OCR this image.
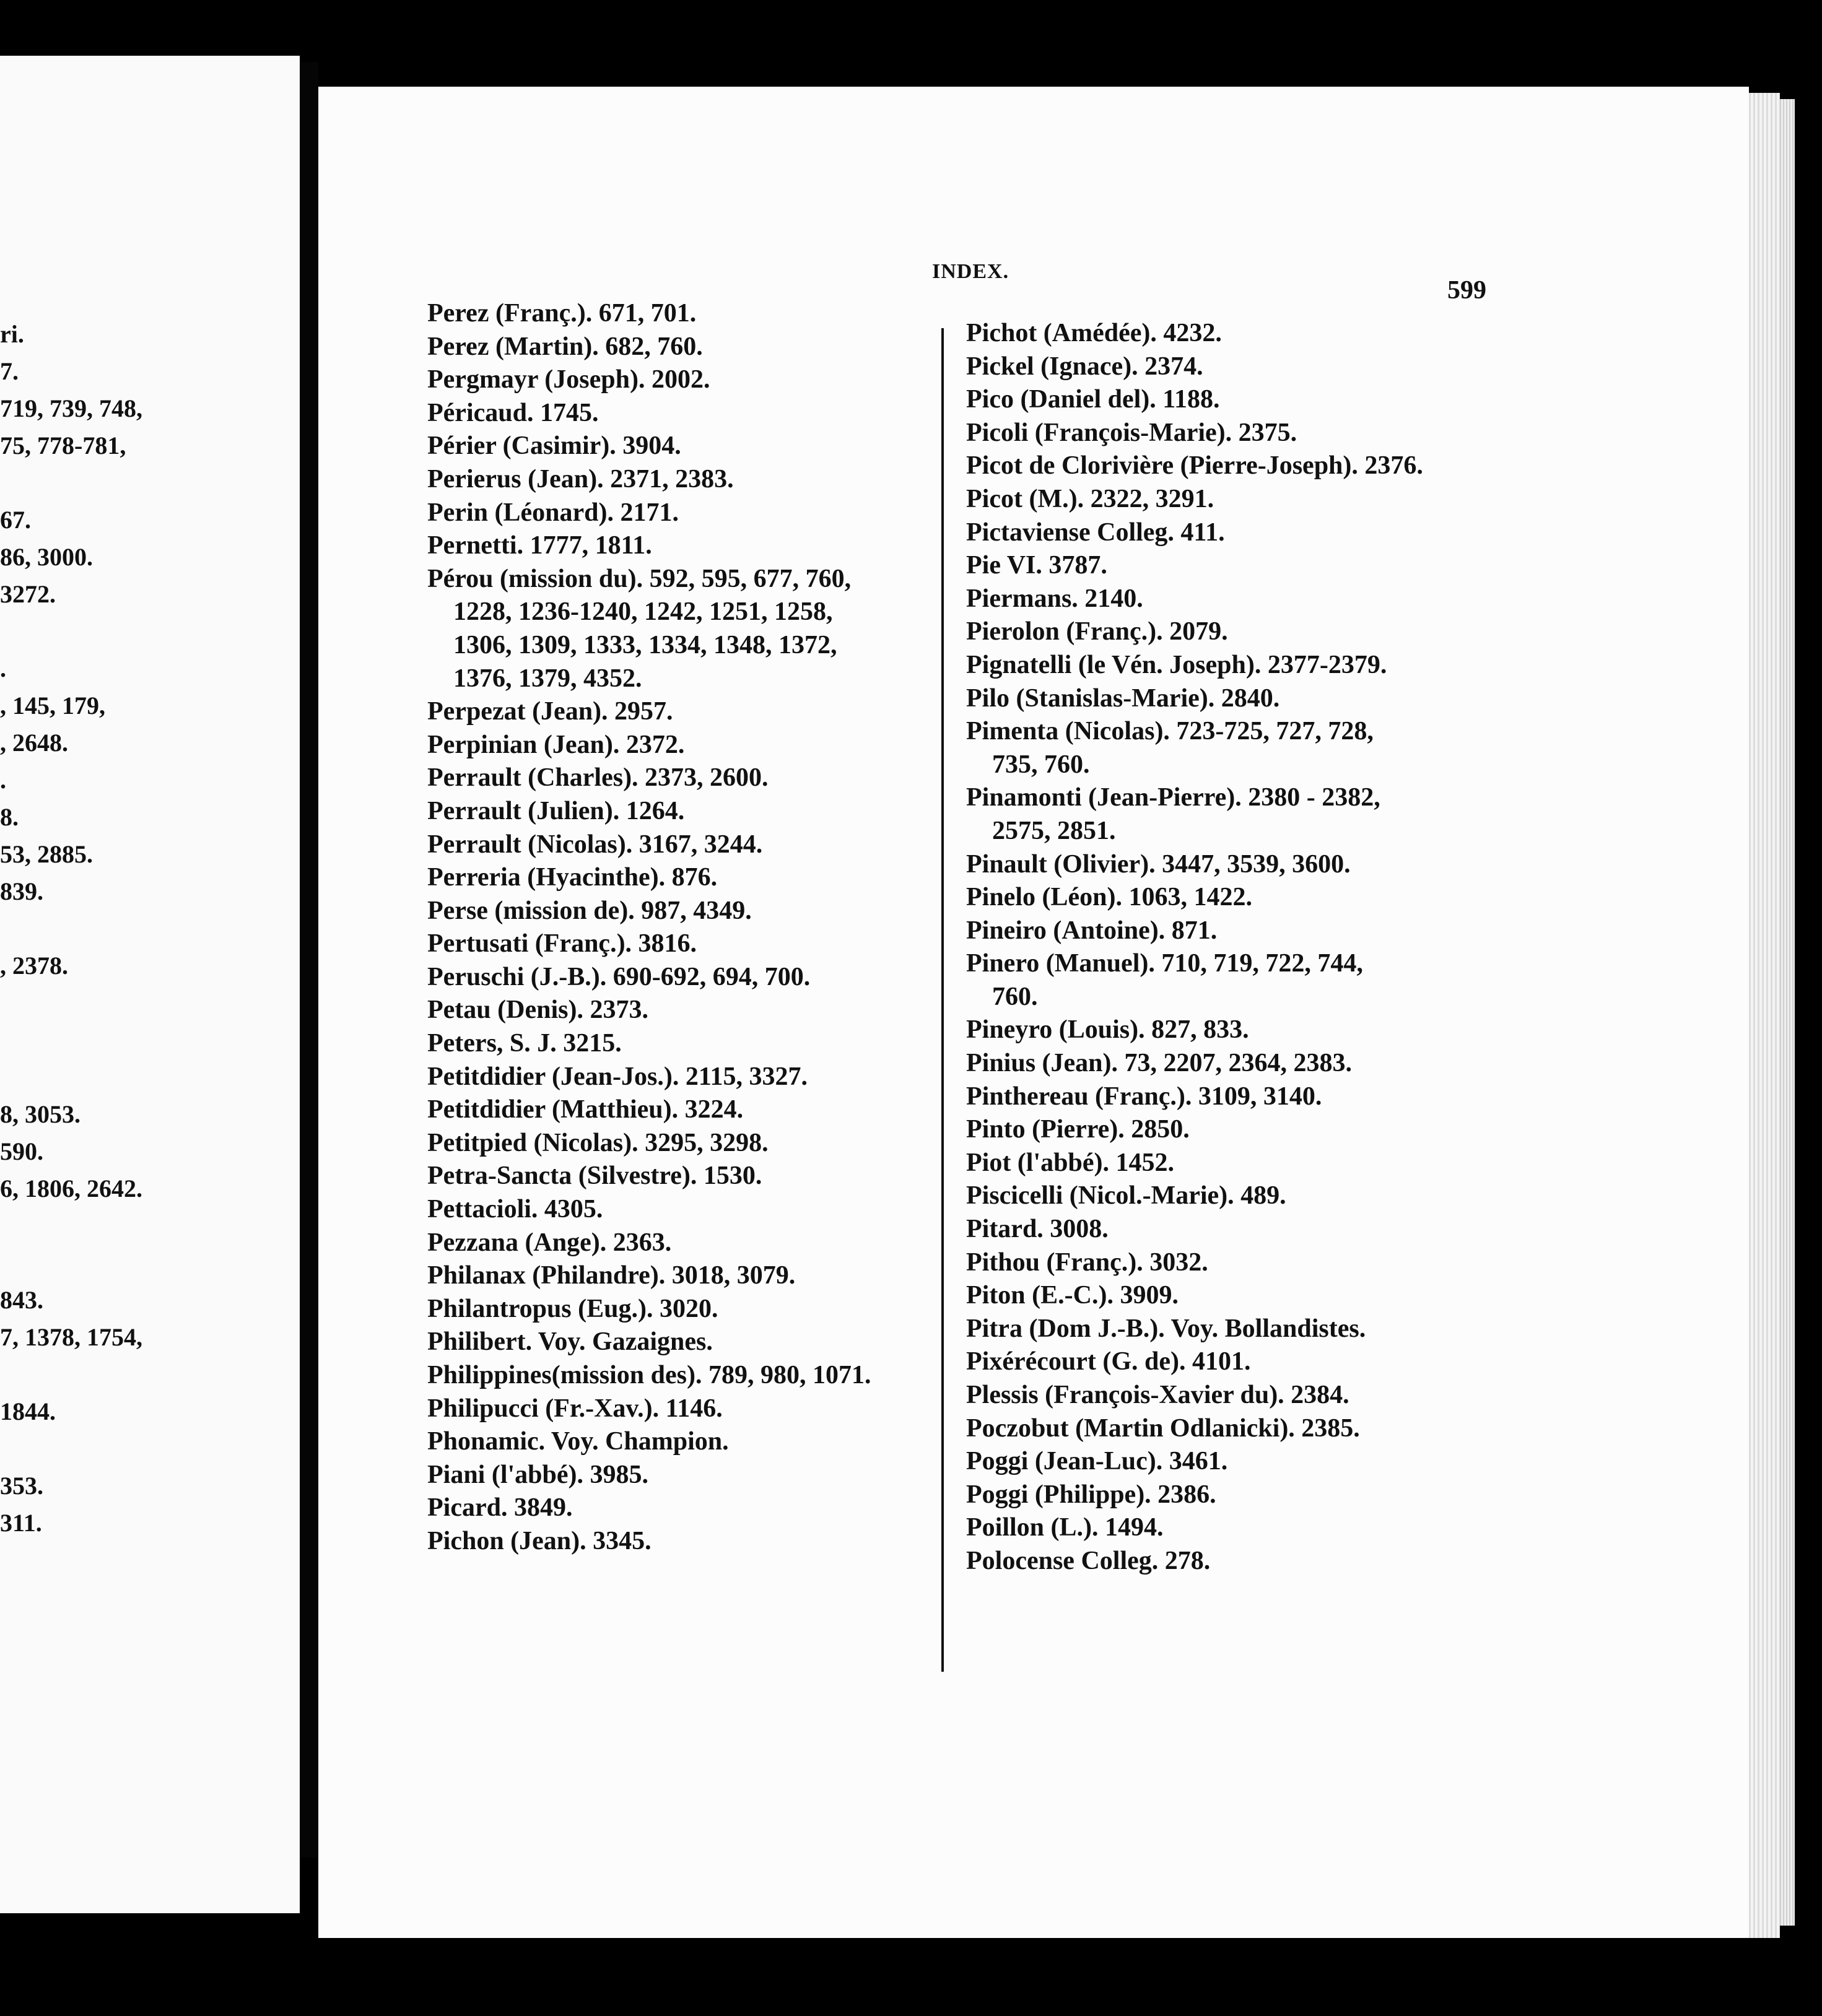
ri.
7.
719, 739, 748,
75, 778-781,
67.
86, 3000.
3272.
.
, 145, 179,
, 2648.
.
8.
53, 2885.
839.
, 2378.
8, 3053.
590.
6, 1806, 2642.
843.
7, 1378, 1754,
1844.
353.
311.
INDEX.
599
Perez (Franç.). 671, 701.
Perez (Martin). 682, 760.
Pergmayr (Joseph). 2002.
Péricaud. 1745.
Périer (Casimir). 3904.
Perierus (Jean). 2371, 2383.
Perin (Léonard). 2171.
Pernetti. 1777, 1811.
Pérou (mission du). 592, 595, 677, 760,
1228, 1236-1240, 1242, 1251, 1258,
1306, 1309, 1333, 1334, 1348, 1372,
1376, 1379, 4352.
Perpezat (Jean). 2957.
Perpinian (Jean). 2372.
Perrault (Charles). 2373, 2600.
Perrault (Julien). 1264.
Perrault (Nicolas). 3167, 3244.
Perreria (Hyacinthe). 876.
Perse (mission de). 987, 4349.
Pertusati (Franç.). 3816.
Peruschi (J.-B.). 690-692, 694, 700.
Petau (Denis). 2373.
Peters, S. J. 3215.
Petitdidier (Jean-Jos.). 2115, 3327.
Petitdidier (Matthieu). 3224.
Petitpied (Nicolas). 3295, 3298.
Petra-Sancta (Silvestre). 1530.
Pettacioli. 4305.
Pezzana (Ange). 2363.
Philanax (Philandre). 3018, 3079.
Philantropus (Eug.). 3020.
Philibert. Voy. Gazaignes.
Philippines(mission des). 789, 980, 1071.
Philipucci (Fr.-Xav.). 1146.
Phonamic. Voy. Champion.
Piani (l'abbé). 3985.
Picard. 3849.
Pichon (Jean). 3345.
Pichot (Amédée). 4232.
Pickel (Ignace). 2374.
Pico (Daniel del). 1188.
Picoli (François-Marie). 2375.
Picot de Clorivière (Pierre-Joseph). 2376.
Picot (M.). 2322, 3291.
Pictaviense Colleg. 411.
Pie VI. 3787.
Piermans. 2140.
Pierolon (Franç.). 2079.
Pignatelli (le Vén. Joseph). 2377-2379.
Pilo (Stanislas-Marie). 2840.
Pimenta (Nicolas). 723-725, 727, 728,
735, 760.
Pinamonti (Jean-Pierre). 2380 - 2382,
2575, 2851.
Pinault (Olivier). 3447, 3539, 3600.
Pinelo (Léon). 1063, 1422.
Pineiro (Antoine). 871.
Pinero (Manuel). 710, 719, 722, 744,
760.
Pineyro (Louis). 827, 833.
Pinius (Jean). 73, 2207, 2364, 2383.
Pinthereau (Franç.). 3109, 3140.
Pinto (Pierre). 2850.
Piot (l'abbé). 1452.
Piscicelli (Nicol.-Marie). 489.
Pitard. 3008.
Pithou (Franç.). 3032.
Piton (E.-C.). 3909.
Pitra (Dom J.-B.). Voy. Bollandistes.
Pixérécourt (G. de). 4101.
Plessis (François-Xavier du). 2384.
Poczobut (Martin Odlanicki). 2385.
Poggi (Jean-Luc). 3461.
Poggi (Philippe). 2386.
Poillon (L.). 1494.
Polocense Colleg. 278.
